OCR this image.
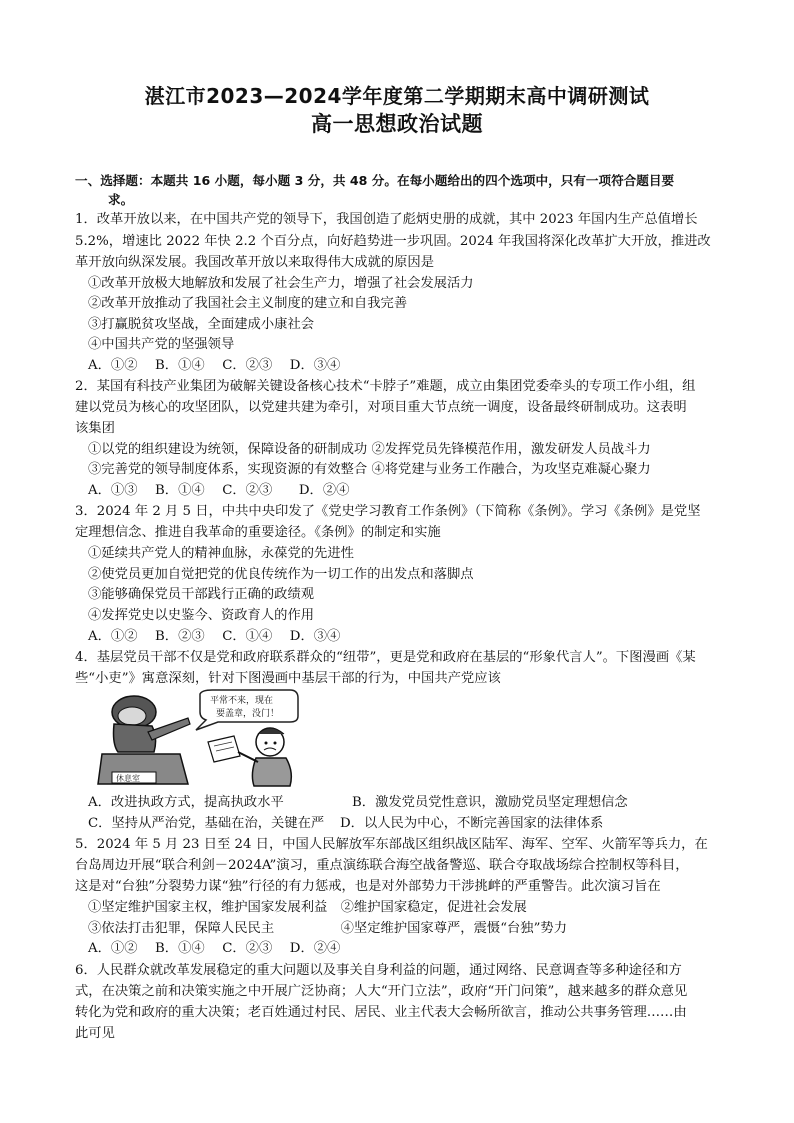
湛江市2023—2024学年度第二学期期末高中调研测试
高一思想政治试题
一、选择题：本题共 16 小题，每小题 3 分，共 48 分。在每小题给出的四个选项中，只有一项符合题目要
求。
1．改革开放以来，在中国共产党的领导下，我国创造了彪炳史册的成就，其中 2023 年国内生产总值增长
5.2%，增速比 2022 年快 2.2 个百分点，向好趋势进一步巩固。2024 年我国将深化改革扩大开放，推进改
革开放向纵深发展。我国改革开放以来取得伟大成就的原因是
①改革开放极大地解放和发展了社会生产力，增强了社会发展活力
②改革开放推动了我国社会主义制度的建立和自我完善
③打赢脱贫攻坚战，全面建成小康社会
④中国共产党的坚强领导
A．①②　 B．①④　 C．②③　 D．③④
2．某国有科技产业集团为破解关键设备核心技术“卡脖子”难题，成立由集团党委牵头的专项工作小组，组
建以党员为核心的攻坚团队，以党建共建为牵引，对项目重大节点统一调度，设备最终研制成功。这表明
该集团
①以党的组织建设为统领，保障设备的研制成功 ②发挥党员先锋模范作用，激发研发人员战斗力
③完善党的领导制度体系，实现资源的有效整合 ④将党建与业务工作融合，为攻坚克难凝心聚力
A．①③　 B．①④　 C．②③　　D．②④
3．2024 年 2 月 5 日，中共中央印发了《党史学习教育工作条例》（下简称《条例》。学习《条例》是党坚
定理想信念、推进自我革命的重要途径。《条例》的制定和实施
①延续共产党人的精神血脉，永葆党的先进性
②使党员更加自觉把党的优良传统作为一切工作的出发点和落脚点
③能够确保党员干部践行正确的政绩观
④发挥党史以史鉴今、资政育人的作用
A．①②　 B．②③　 C．①④　 D．③④
4．基层党员干部不仅是党和政府联系群众的“纽带”，更是党和政府在基层的“形象代言人”。下图漫画《某
些“小吏”》寓意深刻，针对下图漫画中基层干部的行为，中国共产党应该
平常不来，现在
要盖章，没门！
休息室
A．改进执政方式，提高执政水平	B．激发党员党性意识，激励党员坚定理想信念
C．坚持从严治党，基础在治，关键在严 D．以人民为中心，不断完善国家的法律体系
5．2024 年 5 月 23 日至 24 日，中国人民解放军东部战区组织战区陆军、海军、空军、火箭军等兵力，在
台岛周边开展“联合利剑－2024A”演习，重点演练联合海空战备警巡、联合夺取战场综合控制权等科目，
这是对“台独”分裂势力谋“独”行径的有力惩戒，也是对外部势力干涉挑衅的严重警告。此次演习旨在
①坚定维护国家主权，维护国家发展利益　②维护国家稳定，促进社会发展
③依法打击犯罪，保障人民民主　　　　　④坚定维护国家尊严，震慑“台独”势力
A．①②　 B．①④　 C．②③　 D．②④
6．人民群众就改革发展稳定的重大问题以及事关自身利益的问题，通过网络、民意调查等多种途径和方
式，在决策之前和决策实施之中开展广泛协商；人大“开门立法”，政府“开门问策”，越来越多的群众意见
转化为党和政府的重大决策；老百姓通过村民、居民、业主代表大会畅所欲言，推动公共事务管理……由
此可见
